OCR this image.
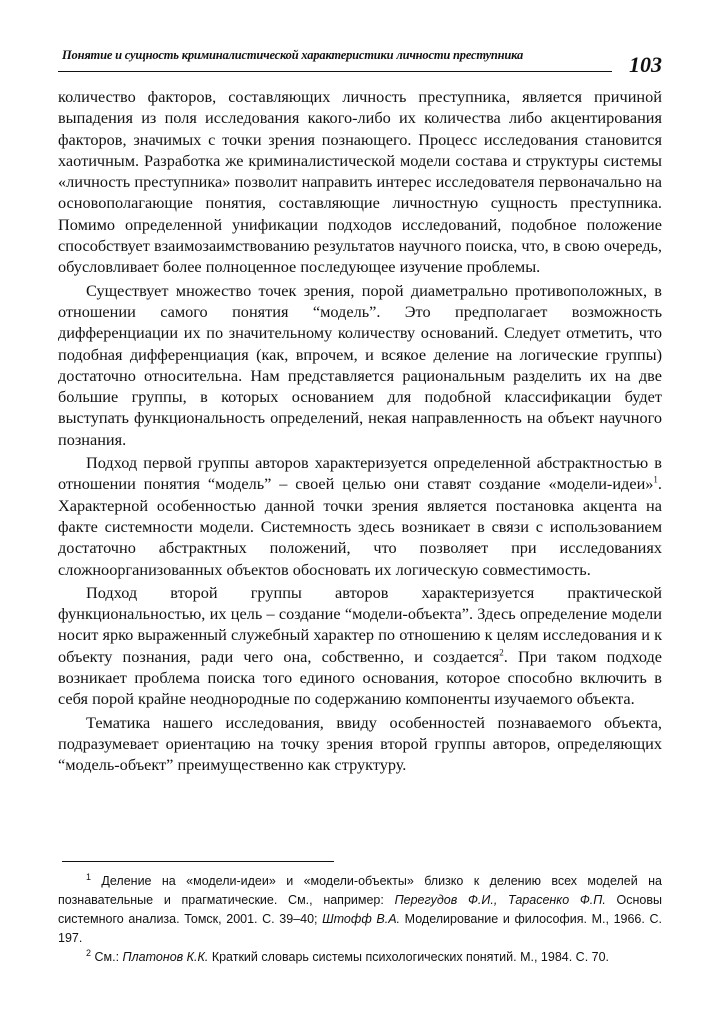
Понятие и сущность криминалистической характеристики личности преступника	103

количество факторов, составляющих личность преступника, является причиной выпадения из поля исследования какого-либо их количества либо акцентирования факторов, значимых с точки зрения познающего. Процесс исследования становится хаотичным. Разработка же криминалистической модели состава и структуры системы «личность преступника» позволит направить интерес исследователя первоначально на основополагающие понятия, составляющие личностную сущность преступника. Помимо определенной унификации подходов исследований, подобное положение способствует взаимозаимствованию результатов научного поиска, что, в свою очередь, обусловливает более полноценное последующее изучение проблемы.

Существует множество точек зрения, порой диаметрально противоположных, в отношении самого понятия “модель”. Это предполагает возможность дифференциации их по значительному количеству оснований. Следует отметить, что подобная дифференциация (как, впрочем, и всякое деление на логические группы) достаточно относительна. Нам представляется рациональным разделить их на две большие группы, в которых основанием для подобной классификации будет выступать функциональность определений, некая направленность на объект научного познания.

Подход первой группы авторов характеризуется определенной абстрактностью в отношении понятия “модель” – своей целью они ставят создание «модели-идеи»$^1$. Характерной особенностью данной точки зрения является постановка акцента на факте системности модели. Системность здесь возникает в связи с использованием достаточно абстрактных положений, что позволяет при исследованиях сложноорганизованных объектов обосновать их логическую совместимость.

Подход второй группы авторов характеризуется практической функциональностью, их цель – создание “модели-объекта”. Здесь определение модели носит ярко выраженный служебный характер по отношению к целям исследования и к объекту познания, ради чего она, собственно, и создается$^2$. При таком подходе возникает проблема поиска того единого основания, которое способно включить в себя порой крайне неоднородные по содержанию компоненты изучаемого объекта.

Тематика нашего исследования, ввиду особенностей познаваемого объекта, подразумевает ориентацию на точку зрения второй группы авторов, определяющих “модель-объект” преимущественно как структуру.

$^1$ Деление на «модели-идеи» и «модели-объекты» близко к делению всех моделей на познавательные и прагматические. См., например: Перегудов Ф.И., Тарасенко Ф.П. Основы системного анализа. Томск, 2001. С. 39–40; Штофф В.А. Моделирование и философия. М., 1966. С. 197.

$^2$ См.: Платонов К.К. Краткий словарь системы психологических понятий. М., 1984. С. 70.
